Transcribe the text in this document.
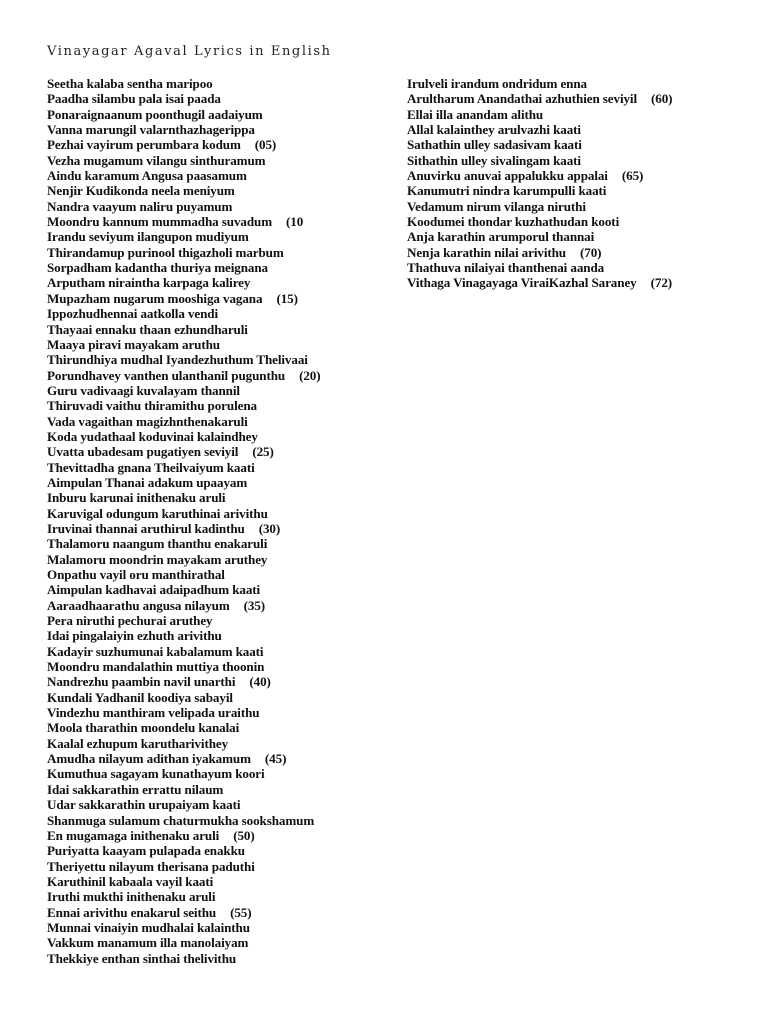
Vinayagar Agaval Lyrics in English
Seetha kalaba sentha maripoo
Paadha silambu pala isai paada
Ponaraignaanum poonthugil aadaiyum
Vanna marungil valarnthazhagerippa
Pezhai vayirum perumbara kodum (05)
Vezha mugamum vilangu sinthuramum
Aindu karamum Angusa paasamum
Nenjir Kudikonda neela meniyum
Nandra vaayum naliru puyamum
Moondru kannum mummadha suvadum (10
Irandu seviyum ilangupon mudiyum
Thirandamup purinool thigazholi marbum
Sorpadham kadantha thuriya meignana
Arputham niraintha karpaga kalirey
Mupazham nugarum mooshiga vagana (15)
Ippozhudhennai aatkolla vendi
Thayaai ennaku thaan ezhundharuli
Maaya piravi mayakam aruthu
Thirundhiya mudhal Iyandezhuthum Thelivaai
Porundhavey vanthen ulanthanil pugunthu (20)
Guru vadivaagi kuvalayam thannil
Thiruvadi vaithu thiramithu porulena
Vada vagaithan magizhnthenakaruli
Koda yudathaal koduvinai kalaindhey
Uvatta ubadesam pugatiyen seviyil (25)
Thevittadha gnana Theilvaiyum kaati
Aimpulan Thanai adakum upaayam
Inburu karunai inithenaku aruli
Karuvigal odungum karuthinai arivithu
Iruvinai thannai aruthirul kadinthu (30)
Thalamoru naangum thanthu enakaruli
Malamoru moondrin mayakam aruthey
Onpathu vayil oru manthirathal
Aimpulan kadhavai adaipadhum kaati
Aaraadhaarathu angusa nilayum (35)
Pera niruthi pechurai aruthey
Idai pingalaiyin ezhuth arivithu
Kadayir suzhumunai kabalamum kaati
Moondru mandalathin muttiya thoonin
Nandrezhu paambin navil unarthi (40)
Kundali Yadhanil koodiya sabayil
Vindezhu manthiram velipada uraithu
Moola tharathin moondelu kanalai
Kaalal ezhupum karutharivithey
Amudha nilayum adithan iyakamum (45)
Kumuthua sagayam kunathayum koori
Idai sakkarathin errattu nilaum
Udar sakkarathin urupaiyam kaati
Shanmuga sulamum chaturmukha sookshamum
En mugamaga inithenaku aruli (50)
Puriyatta kaayam pulapada enakku
Theriyettu nilayum therisana paduthi
Karuthinil kabaala vayil kaati
Iruthi mukthi inithenaku aruli
Ennai arivithu enakarul seithu (55)
Munnai vinaiyin mudhalai kalainthu
Vakkum manamum illa manolaiyam
Thekkiye enthan sinthai thelivithu
Irulveli irandum ondridum enna
Arultharum Anandathai azhuthien seviyil (60)
Ellai illa anandam alithu
Allal kalainthey arulvazhi kaati
Sathathin ulley sadasivam kaati
Sithathin ulley sivalingam kaati
Anuvirku anuvai appalukku appalai (65)
Kanumutri nindra karumpulli kaati
Vedamum nirum vilanga niruthi
Koodumei thondar kuzhathudan kooti
Anja karathin arumporul thannai
Nenja karathin nilai arivithu (70)
Thathuva nilaiyai thanthenai aanda
Vithaga Vinagayaga ViraiKazhal Saraney (72)
